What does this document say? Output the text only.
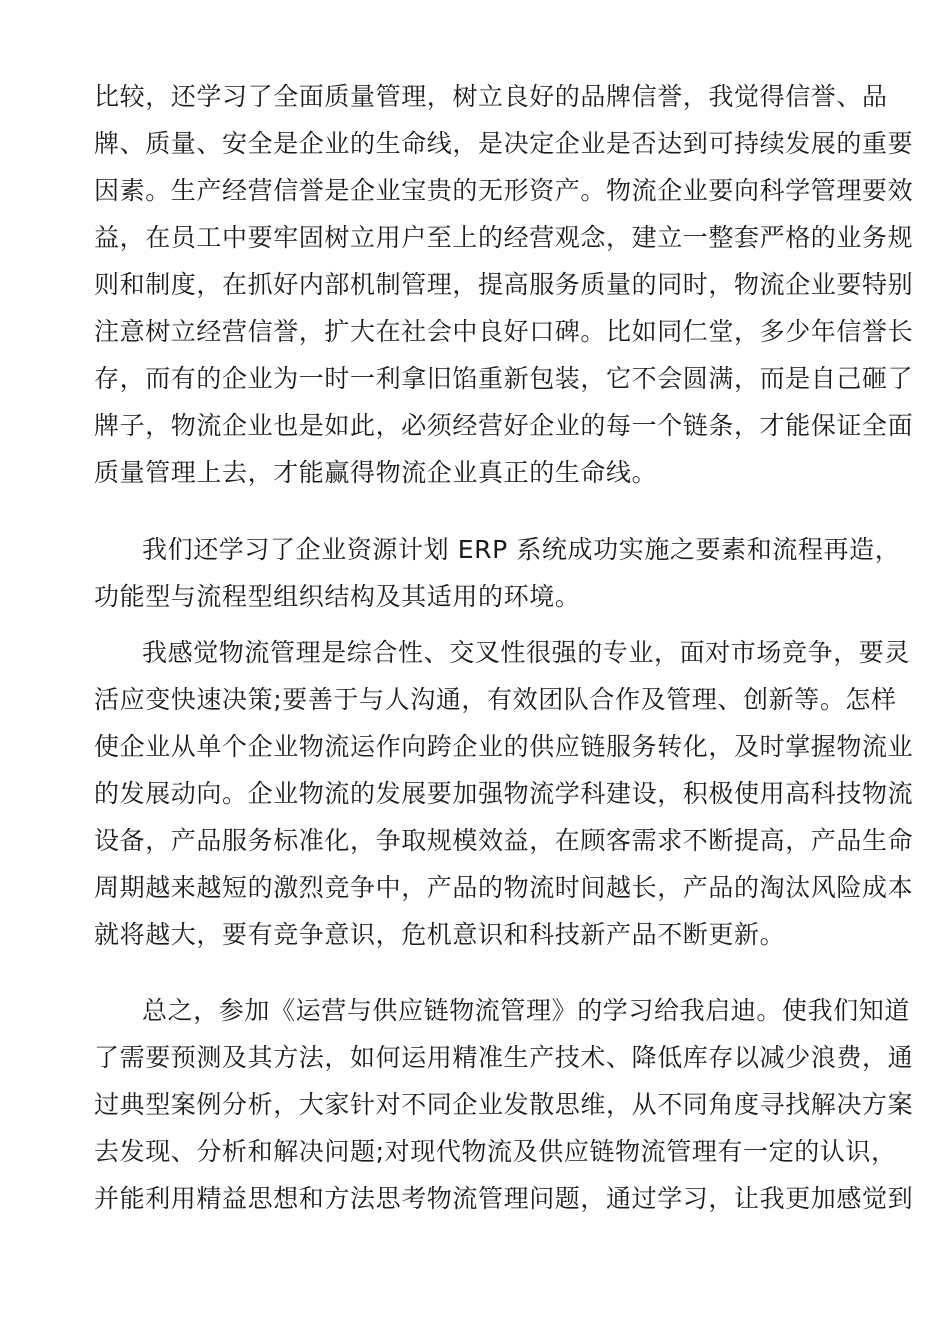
比较，还学习了全面质量管理，树立良好的品牌信誉，我觉得信誉、品
牌、质量、安全是企业的生命线，是决定企业是否达到可持续发展的重要
因素。生产经营信誉是企业宝贵的无形资产。物流企业要向科学管理要效
益，在员工中要牢固树立用户至上的经营观念，建立一整套严格的业务规
则和制度，在抓好内部机制管理，提高服务质量的同时，物流企业要特别
注意树立经营信誉，扩大在社会中良好口碑。比如同仁堂，多少年信誉长
存，而有的企业为一时一利拿旧馅重新包装，它不会圆满，而是自己砸了
牌子，物流企业也是如此，必须经营好企业的每一个链条，才能保证全面
质量管理上去，才能赢得物流企业真正的生命线。
我们还学习了企业资源计划 ERP 系统成功实施之要素和流程再造，
功能型与流程型组织结构及其适用的环境。
我感觉物流管理是综合性、交叉性很强的专业，面对市场竞争，要灵
活应变快速决策;要善于与人沟通，有效团队合作及管理、创新等。怎样
使企业从单个企业物流运作向跨企业的供应链服务转化，及时掌握物流业
的发展动向。企业物流的发展要加强物流学科建设，积极使用高科技物流
设备，产品服务标准化，争取规模效益，在顾客需求不断提高，产品生命
周期越来越短的激烈竞争中，产品的物流时间越长，产品的淘汰风险成本
就将越大，要有竞争意识，危机意识和科技新产品不断更新。
总之，参加《运营与供应链物流管理》的学习给我启迪。使我们知道
了需要预测及其方法，如何运用精准生产技术、降低库存以减少浪费，通
过典型案例分析，大家针对不同企业发散思维，从不同角度寻找解决方案
去发现、分析和解决问题;对现代物流及供应链物流管理有一定的认识，
并能利用精益思想和方法思考物流管理问题，通过学习，让我更加感觉到
